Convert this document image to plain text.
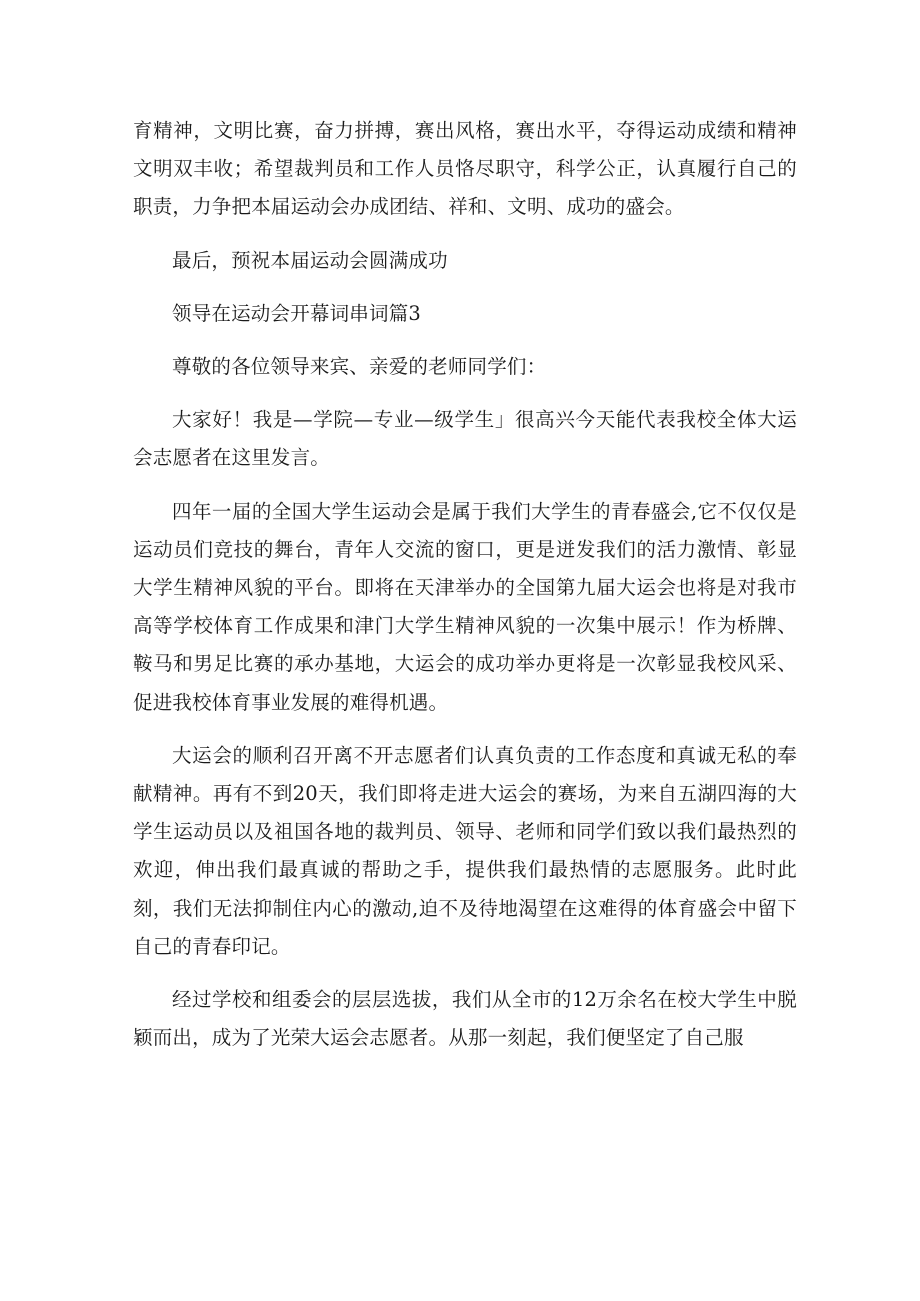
育精神，文明比赛，奋力拼搏，赛出风格，赛出水平，夺得运动成绩和精神文明双丰收；希望裁判员和工作人员恪尽职守，科学公正，认真履行自己的职责，力争把本届运动会办成团结、祥和、文明、成功的盛会。

最后，预祝本届运动会圆满成功

领导在运动会开幕词串词篇3

尊敬的各位领导来宾、亲爱的老师同学们：

大家好！我是—学院—专业—级学生」很高兴今天能代表我校全体大运会志愿者在这里发言。

四年一届的全国大学生运动会是属于我们大学生的青春盛会,它不仅仅是运动员们竞技的舞台，青年人交流的窗口，更是迸发我们的活力激情、彰显大学生精神风貌的平台。即将在天津举办的全国第九届大运会也将是对我市高等学校体育工作成果和津门大学生精神风貌的一次集中展示！作为桥牌、鞍马和男足比赛的承办基地，大运会的成功举办更将是一次彰显我校风采、促进我校体育事业发展的难得机遇。

大运会的顺利召开离不开志愿者们认真负责的工作态度和真诚无私的奉献精神。再有不到20天，我们即将走进大运会的赛场，为来自五湖四海的大学生运动员以及祖国各地的裁判员、领导、老师和同学们致以我们最热烈的欢迎，伸出我们最真诚的帮助之手，提供我们最热情的志愿服务。此时此刻，我们无法抑制住内心的激动,迫不及待地渴望在这难得的体育盛会中留下自己的青春印记。

经过学校和组委会的层层选拔，我们从全市的12万余名在校大学生中脱颖而出，成为了光荣大运会志愿者。从那一刻起，我们便坚定了自己服
